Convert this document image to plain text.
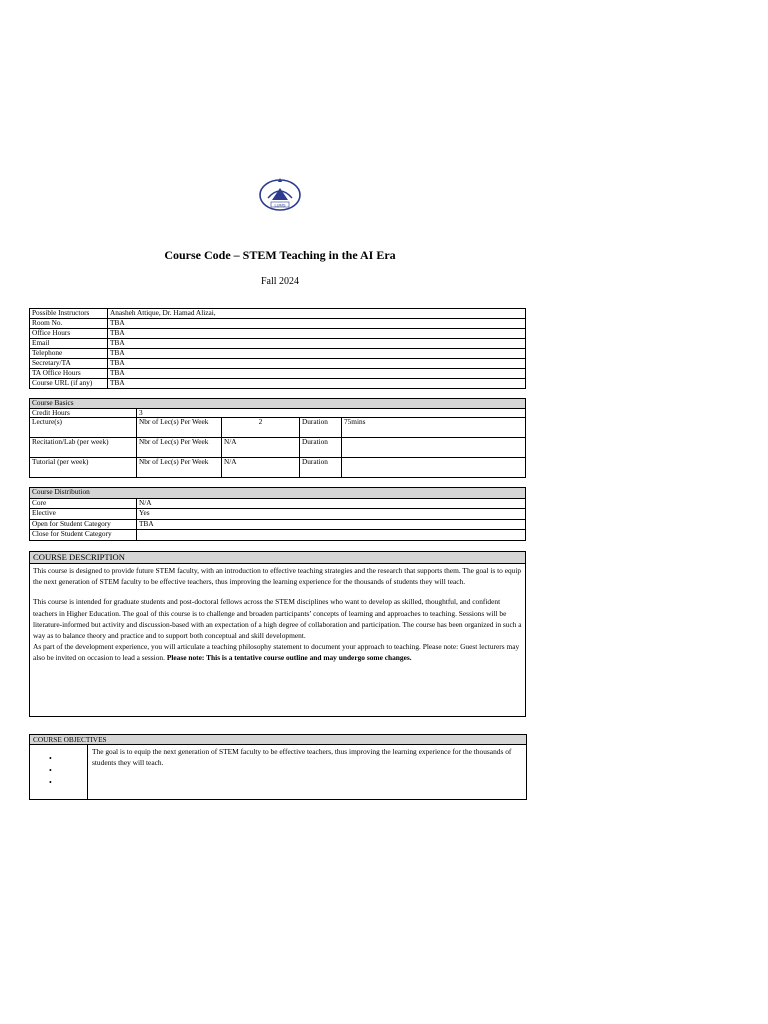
LUMS
Course Code – STEM Teaching in the AI Era
Fall 2024
Possible Instructors	Anasheh Attique, Dr. Hamad Alizai,
Room No.	TBA
Office Hours	TBA
Email	TBA
Telephone	TBA
Secretary/TA	TBA
TA Office Hours	TBA
Course URL (if any)	TBA
Course Basics				
Credit Hours	3			
Lecture(s)	Nbr of Lec(s) Per Week	2	Duration	75mins
Recitation/Lab (per week)	Nbr of Lec(s) Per Week	N/A	Duration	
Tutorial (per week)	Nbr of Lec(s) Per Week	N/A	Duration	
Course Distribution	
Core	N/A
Elective	Yes
Open for Student Category	TBA
Close for Student Category	
COURSE DESCRIPTION

This course is designed to provide future STEM faculty, with an introduction to effective teaching strategies and the research that supports them. The goal is to equip the next generation of STEM faculty to be effective teachers, thus improving the learning experience for the thousands of students they will teach.

This course is intended for graduate students and post-doctoral fellows across the STEM disciplines who want to develop as skilled, thoughtful, and confident teachers in Higher Education. The goal of this course is to challenge and broaden participants’ concepts of learning and approaches to teaching. Sessions will be literature-informed but activity and discussion-based with an expectation of a high degree of collaboration and participation. The course has been organized in such a way as to balance theory and practice and to support both conceptual and skill development.

As part of the development experience, you will articulate a teaching philosophy statement to document your approach to teaching. Please note: Guest lecturers may also be invited on occasion to lead a session. Please note: This is a tentative course outline and may undergo some changes.

COURSE OBJECTIVES
•
•
•
The goal is to equip the next generation of STEM faculty to be effective teachers, thus improving the learning experience for the thousands of students they will teach.
